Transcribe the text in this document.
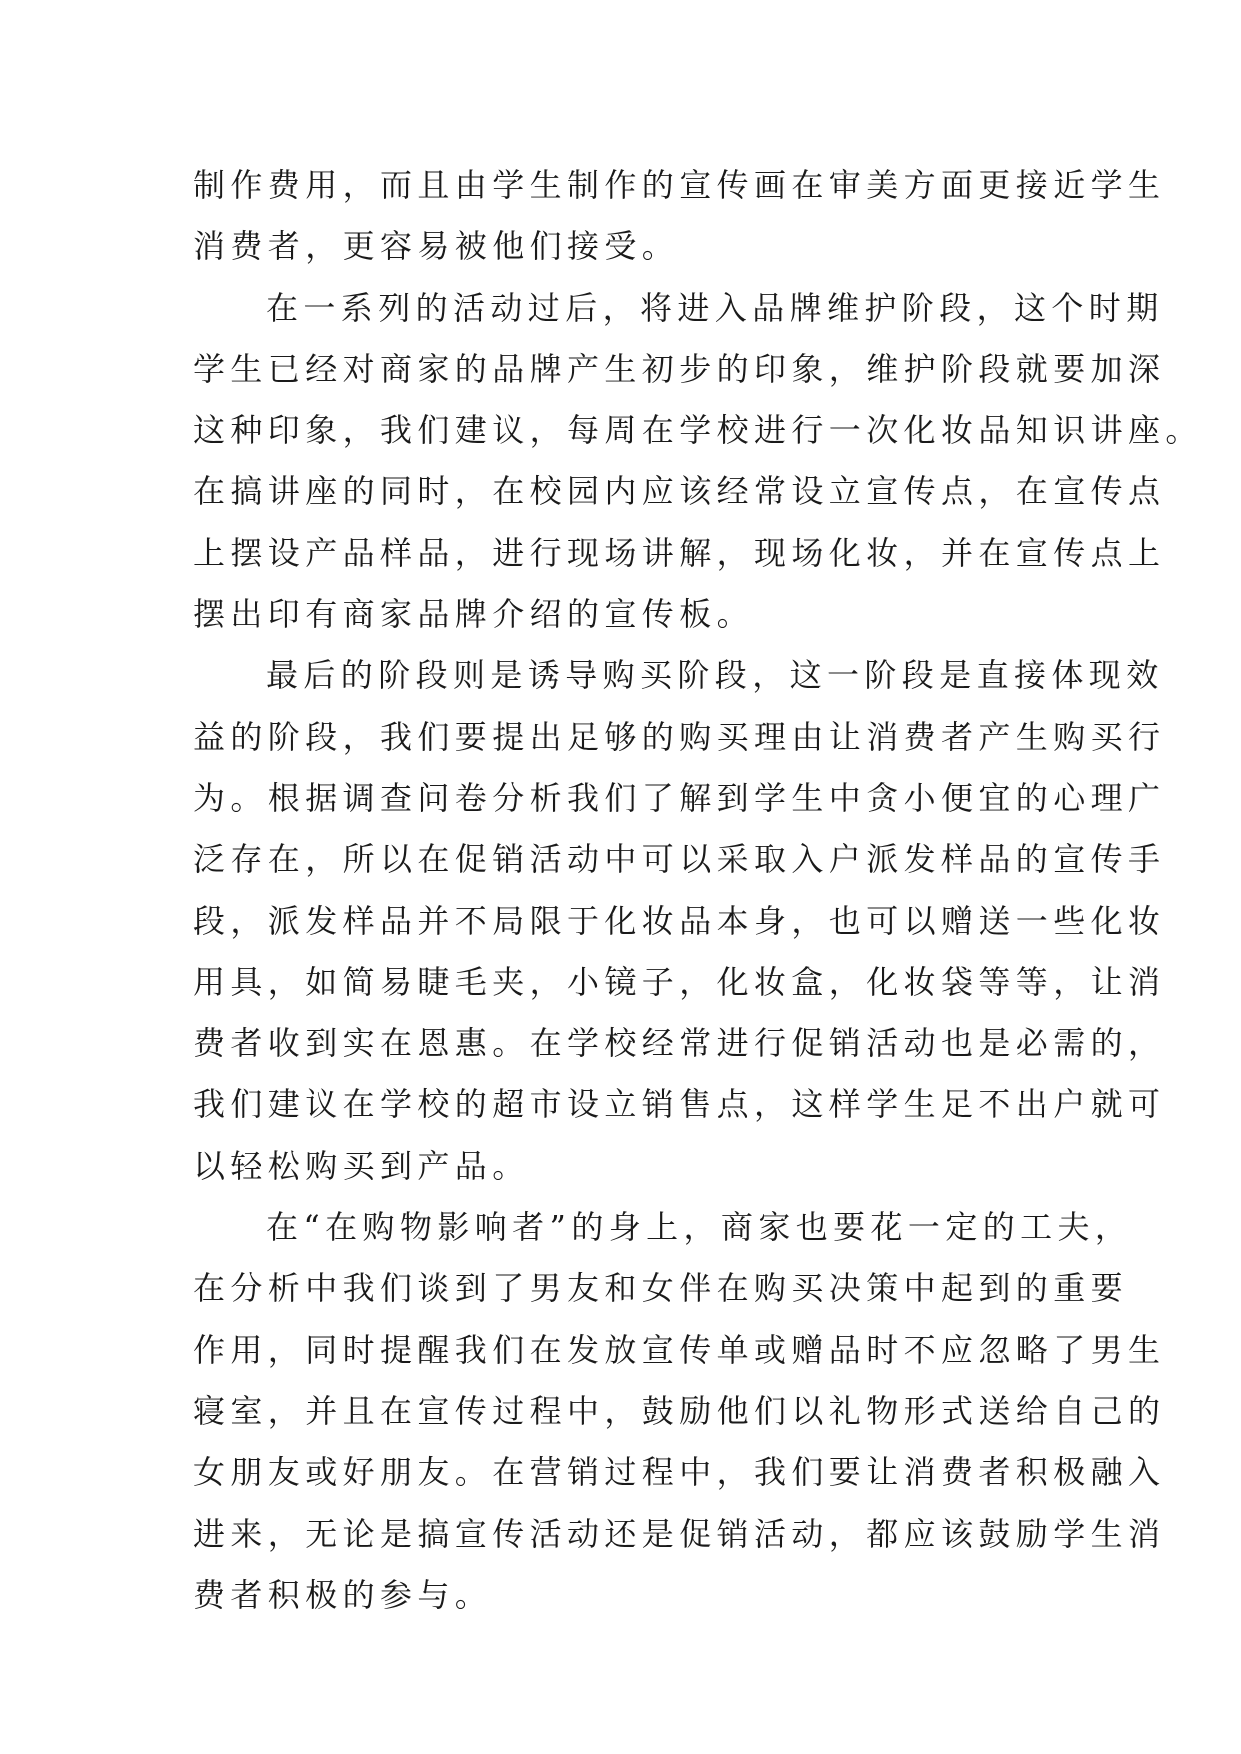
制作费用，而且由学生制作的宣传画在审美方面更接近学生
消费者，更容易被他们接受。
在一系列的活动过后，将进入品牌维护阶段，这个时期
学生已经对商家的品牌产生初步的印象，维护阶段就要加深
这种印象，我们建议，每周在学校进行一次化妆品知识讲座。
在搞讲座的同时，在校园内应该经常设立宣传点，在宣传点
上摆设产品样品，进行现场讲解，现场化妆，并在宣传点上
摆出印有商家品牌介绍的宣传板。
最后的阶段则是诱导购买阶段，这一阶段是直接体现效
益的阶段，我们要提出足够的购买理由让消费者产生购买行
为。根据调查问卷分析我们了解到学生中贪小便宜的心理广
泛存在，所以在促销活动中可以采取入户派发样品的宣传手
段，派发样品并不局限于化妆品本身，也可以赠送一些化妆
用具，如简易睫毛夹，小镜子，化妆盒，化妆袋等等，让消
费者收到实在恩惠。在学校经常进行促销活动也是必需的，
我们建议在学校的超市设立销售点，这样学生足不出户就可
以轻松购买到产品。
在“在购物影响者”的身上，商家也要花一定的工夫，
在分析中我们谈到了男友和女伴在购买决策中起到的重要
作用，同时提醒我们在发放宣传单或赠品时不应忽略了男生
寝室，并且在宣传过程中，鼓励他们以礼物形式送给自己的
女朋友或好朋友。在营销过程中，我们要让消费者积极融入
进来，无论是搞宣传活动还是促销活动，都应该鼓励学生消
费者积极的参与。
